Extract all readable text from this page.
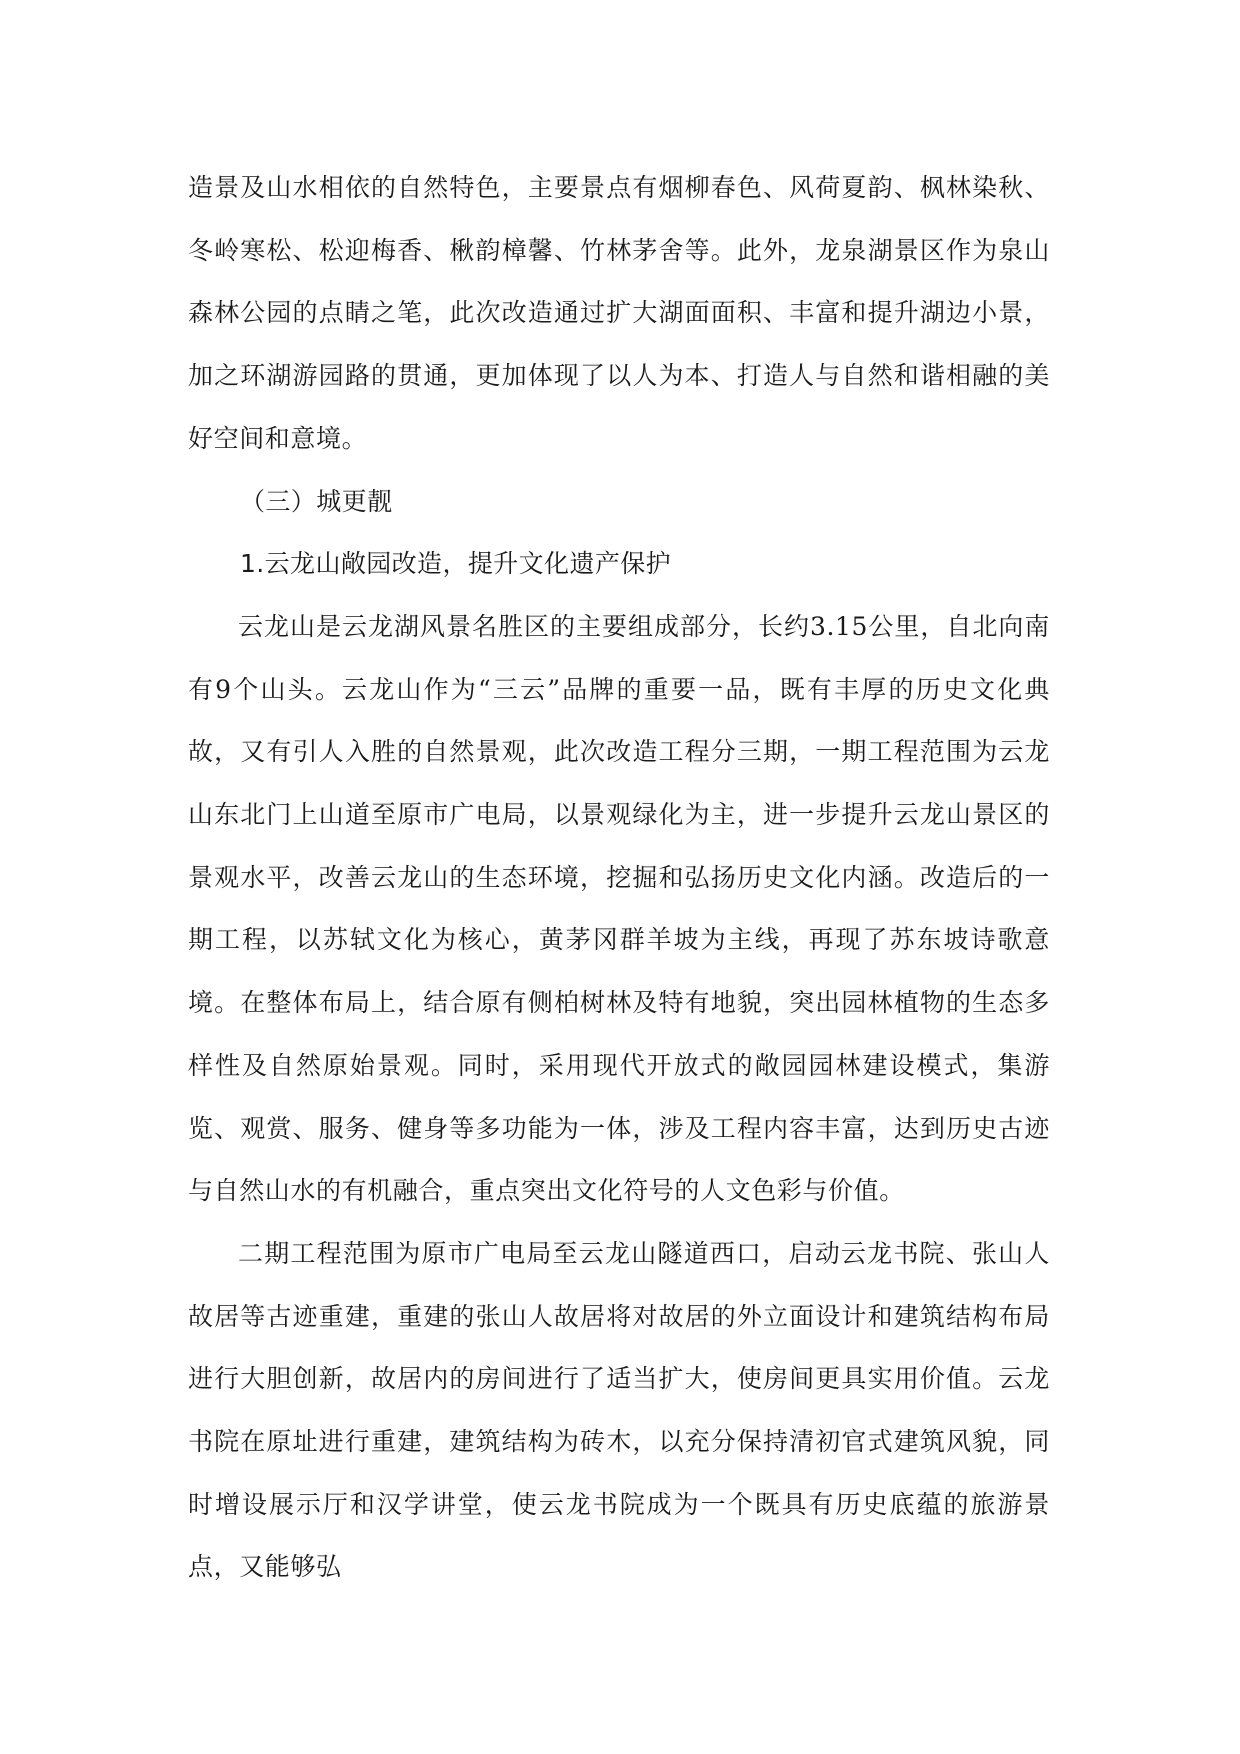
造景及山水相依的自然特色，主要景点有烟柳春色、风荷夏韵、枫林染秋、冬岭寒松、松迎梅香、楸韵樟馨、竹林茅舍等。此外，龙泉湖景区作为泉山森林公园的点睛之笔，此次改造通过扩大湖面面积、丰富和提升湖边小景，加之环湖游园路的贯通，更加体现了以人为本、打造人与自然和谐相融的美好空间和意境。

（三）城更靓

1.云龙山敞园改造，提升文化遗产保护

云龙山是云龙湖风景名胜区的主要组成部分，长约3.15公里，自北向南有9个山头。云龙山作为“三云”品牌的重要一品，既有丰厚的历史文化典故，又有引人入胜的自然景观，此次改造工程分三期，一期工程范围为云龙山东北门上山道至原市广电局，以景观绿化为主，进一步提升云龙山景区的景观水平，改善云龙山的生态环境，挖掘和弘扬历史文化内涵。改造后的一期工程，以苏轼文化为核心，黄茅冈群羊坡为主线，再现了苏东坡诗歌意境。在整体布局上，结合原有侧柏树林及特有地貌，突出园林植物的生态多样性及自然原始景观。同时，采用现代开放式的敞园园林建设模式，集游览、观赏、服务、健身等多功能为一体，涉及工程内容丰富，达到历史古迹与自然山水的有机融合，重点突出文化符号的人文色彩与价值。

二期工程范围为原市广电局至云龙山隧道西口，启动云龙书院、张山人故居等古迹重建，重建的张山人故居将对故居的外立面设计和建筑结构布局进行大胆创新，故居内的房间进行了适当扩大，使房间更具实用价值。云龙书院在原址进行重建，建筑结构为砖木，以充分保持清初官式建筑风貌，同时增设展示厅和汉学讲堂，使云龙书院成为一个既具有历史底蕴的旅游景点，又能够弘
